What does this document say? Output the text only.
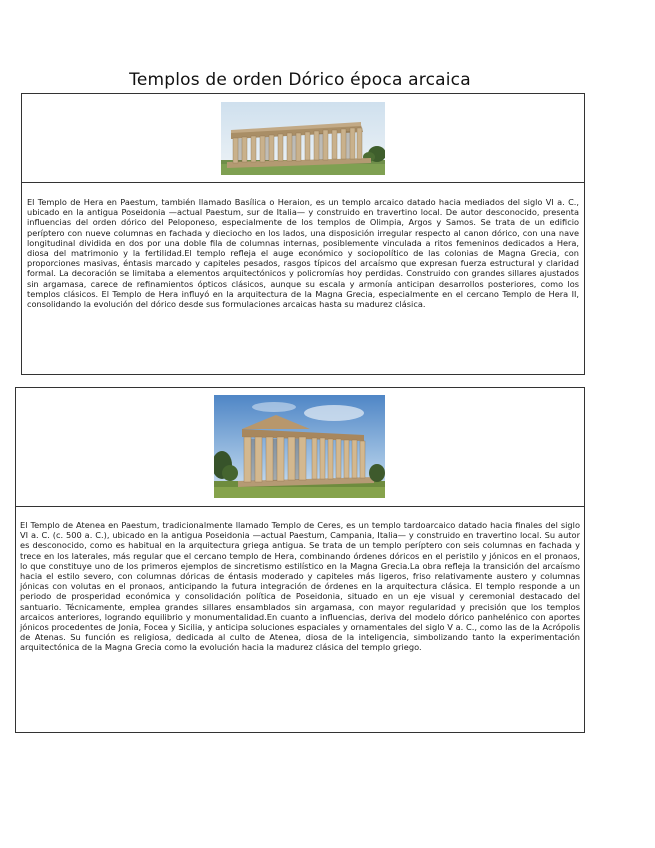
Templos de orden Dórico época arcaica

El Templo de Hera en Paestum, también llamado Basílica o Heraion, es un templo arcaico datado hacia mediados del siglo VI a. C., ubicado en la antigua Poseidonia —actual Paestum, sur de Italia— y construido en travertino local. De autor desconocido, presenta influencias del orden dórico del Peloponeso, especialmente de los templos de Olimpia, Argos y Samos. Se trata de un edificio períptero con nueve columnas en fachada y dieciocho en los lados, una disposición irregular respecto al canon dórico, con una nave longitudinal dividida en dos por una doble fila de columnas internas, posiblemente vinculada a ritos femeninos dedicados a Hera, diosa del matrimonio y la fertilidad.El templo refleja el auge económico y sociopolítico de las colonias de Magna Grecia, con proporciones masivas, éntasis marcado y capiteles pesados, rasgos típicos del arcaísmo que expresan fuerza estructural y claridad formal. La decoración se limitaba a elementos arquitectónicos y policromías hoy perdidas. Construido con grandes sillares ajustados sin argamasa, carece de refinamientos ópticos clásicos, aunque su escala y armonía anticipan desarrollos posteriores, como los templos clásicos. El Templo de Hera influyó en la arquitectura de la Magna Grecia, especialmente en el cercano Templo de Hera II, consolidando la evolución del dórico desde sus formulaciones arcaicas hasta su madurez clásica.

El Templo de Atenea en Paestum, tradicionalmente llamado Templo de Ceres, es un templo tardoarcaico datado hacia finales del siglo VI a. C. (c. 500 a. C.), ubicado en la antigua Poseidonia —actual Paestum, Campania, Italia— y construido en travertino local. Su autor es desconocido, como es habitual en la arquitectura griega antigua. Se trata de un templo períptero con seis columnas en fachada y trece en los laterales, más regular que el cercano templo de Hera, combinando órdenes dóricos en el peristilo y jónicos en el pronaos, lo que constituye uno de los primeros ejemplos de sincretismo estilístico en la Magna Grecia.La obra refleja la transición del arcaísmo hacia el estilo severo, con columnas dóricas de éntasis moderado y capiteles más ligeros, friso relativamente austero y columnas jónicas con volutas en el pronaos, anticipando la futura integración de órdenes en la arquitectura clásica. El templo responde a un periodo de prosperidad económica y consolidación política de Poseidonia, situado en un eje visual y ceremonial destacado del santuario. Técnicamente, emplea grandes sillares ensamblados sin argamasa, con mayor regularidad y precisión que los templos arcaicos anteriores, logrando equilibrio y monumentalidad.En cuanto a influencias, deriva del modelo dórico panhelénico con aportes jónicos procedentes de Jonia, Focea y Sicilia, y anticipa soluciones espaciales y ornamentales del siglo V a. C., como las de la Acrópolis de Atenas. Su función es religiosa, dedicada al culto de Atenea, diosa de la inteligencia, simbolizando tanto la experimentación arquitectónica de la Magna Grecia como la evolución hacia la madurez clásica del templo griego.
